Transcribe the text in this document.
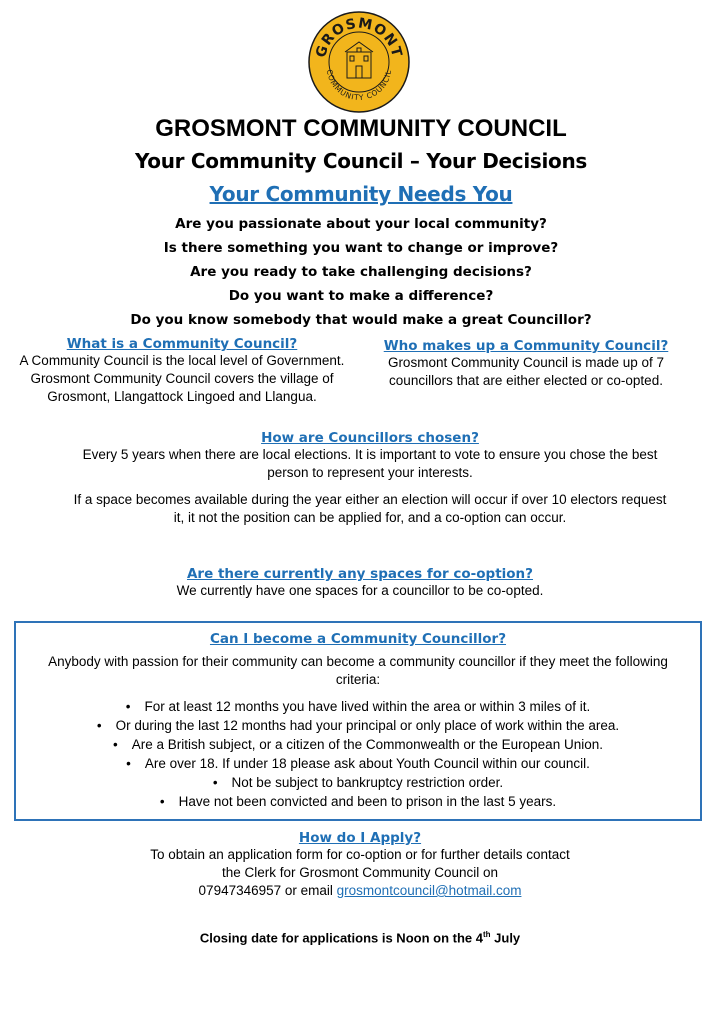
GROSMONT
COMMUNITY COUNCIL
GROSMONT COMMUNITY COUNCIL
Your Community Council – Your Decisions
Your Community Needs You
Are you passionate about your local community?
Is there something you want to change or improve?
Are you ready to take challenging decisions?
Do you want to make a difference?
Do you know somebody that would make a great Councillor?
What is a Community Council?
A Community Council is the local level of Government. Grosmont Community Council covers the village of Grosmont, Llangattock Lingoed and Llangua.
Who makes up a Community Council?
Grosmont Community Council is made up of 7 councillors that are either elected or co-opted.
How are Councillors chosen?

Every 5 years when there are local elections. It is important to vote to ensure you chose the best person to represent your interests.

If a space becomes available during the year either an election will occur if over 10 electors request it, it not the position can be applied for, and a co-option can occur.

Are there currently any spaces for co-option?
We currently have one spaces for a councillor to be co-opted.
Can I become a Community Councillor?
Anybody with passion for their community can become a community councillor if they meet the following criteria:
• For at least 12 months you have lived within the area or within 3 miles of it.
• Or during the last 12 months had your principal or only place of work within the area.
• Are a British subject, or a citizen of the Commonwealth or the European Union.
• Are over 18. If under 18 please ask about Youth Council within our council.
• Not be subject to bankruptcy restriction order.
• Have not been convicted and been to prison in the last 5 years.
How do I Apply?
To obtain an application form for co-option or for further details contact
the Clerk for Grosmont Community Council on
07947346957 or email grosmontcouncil@hotmail.com
Closing date for applications is Noon on the 4th July
